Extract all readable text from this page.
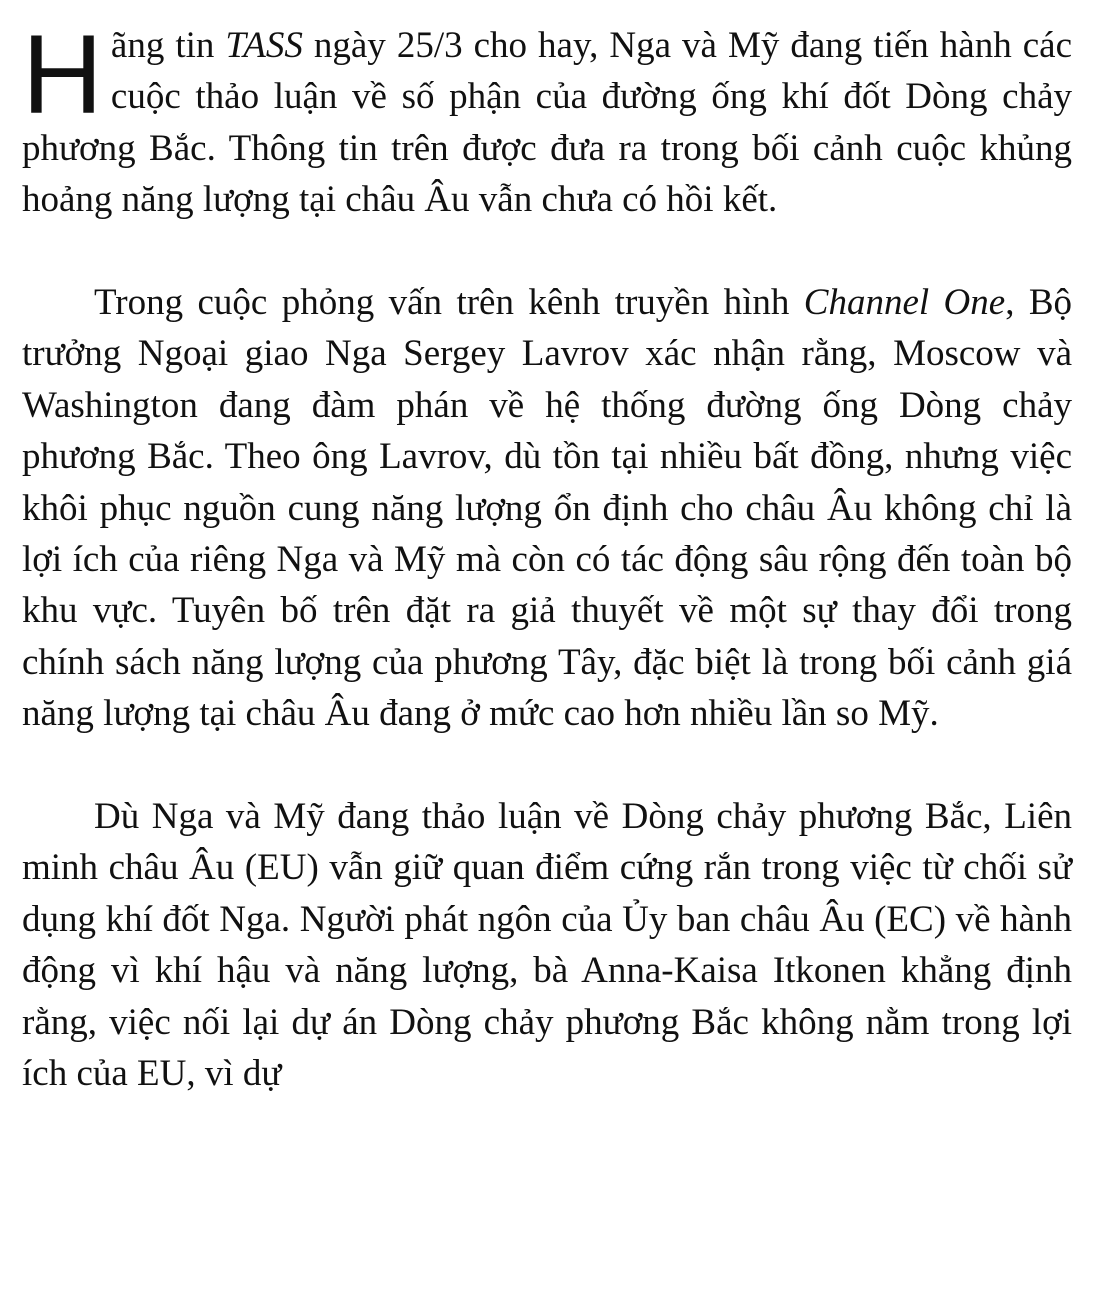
Hãng tin TASS ngày 25/3 cho hay, Nga và Mỹ đang tiến hành các cuộc thảo luận về số phận của đường ống khí đốt Dòng chảy phương Bắc. Thông tin trên được đưa ra trong bối cảnh cuộc khủng hoảng năng lượng tại châu Âu vẫn chưa có hồi kết.

Trong cuộc phỏng vấn trên kênh truyền hình Channel One, Bộ trưởng Ngoại giao Nga Sergey Lavrov xác nhận rằng, Moscow và Washington đang đàm phán về hệ thống đường ống Dòng chảy phương Bắc. Theo ông Lavrov, dù tồn tại nhiều bất đồng, nhưng việc khôi phục nguồn cung năng lượng ổn định cho châu Âu không chỉ là lợi ích của riêng Nga và Mỹ mà còn có tác động sâu rộng đến toàn bộ khu vực. Tuyên bố trên đặt ra giả thuyết về một sự thay đổi trong chính sách năng lượng của phương Tây, đặc biệt là trong bối cảnh giá năng lượng tại châu Âu đang ở mức cao hơn nhiều lần so Mỹ.

Dù Nga và Mỹ đang thảo luận về Dòng chảy phương Bắc, Liên minh châu Âu (EU) vẫn giữ quan điểm cứng rắn trong việc từ chối sử dụng khí đốt Nga. Người phát ngôn của Ủy ban châu Âu (EC) về hành động vì khí hậu và năng lượng, bà Anna-Kaisa Itkonen khẳng định rằng, việc nối lại dự án Dòng chảy phương Bắc không nằm trong lợi ích của EU, vì dự
